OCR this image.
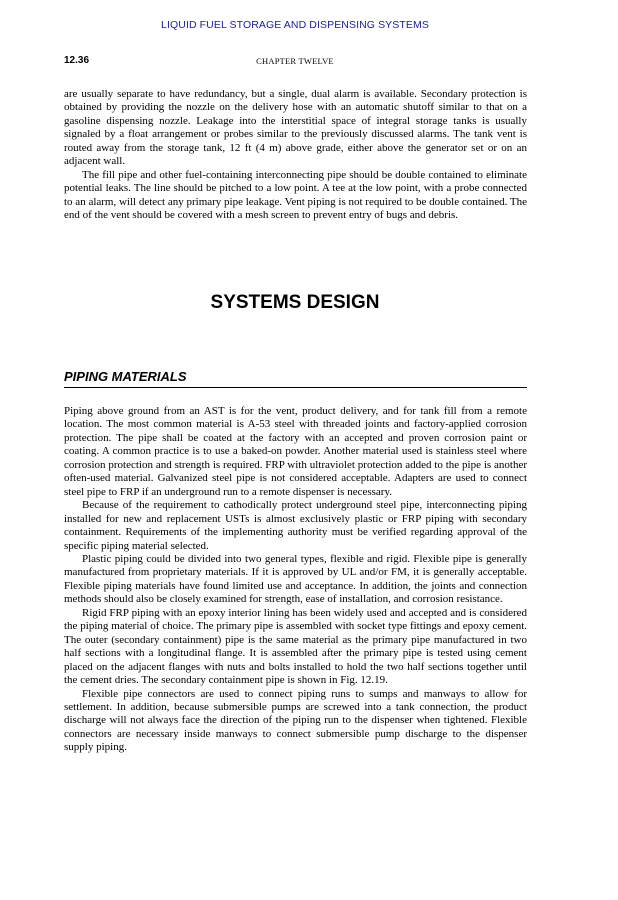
LIQUID FUEL STORAGE AND DISPENSING SYSTEMS
12.36	CHAPTER TWELVE

are usually separate to have redundancy, but a single, dual alarm is available. Secondary protection is obtained by providing the nozzle on the delivery hose with an automatic shutoff similar to that on a gasoline dispensing nozzle. Leakage into the interstitial space of integral storage tanks is usually signaled by a float arrangement or probes similar to the previously discussed alarms. The tank vent is routed away from the storage tank, 12 ft (4 m) above grade, either above the generator set or on an adjacent wall.

The fill pipe and other fuel-containing interconnecting pipe should be double contained to eliminate potential leaks. The line should be pitched to a low point. A tee at the low point, with a probe connected to an alarm, will detect any primary pipe leakage. Vent piping is not required to be double contained. The end of the vent should be covered with a mesh screen to prevent entry of bugs and debris.

SYSTEMS DESIGN
PIPING MATERIALS

Piping above ground from an AST is for the vent, product delivery, and for tank fill from a remote location. The most common material is A-53 steel with threaded joints and factory-applied corrosion protection. The pipe shall be coated at the factory with an accepted and proven corrosion paint or coating. A common practice is to use a baked-on powder. Another material used is stainless steel where corrosion protection and strength is required. FRP with ultraviolet protection added to the pipe is another often-used material. Galvanized steel pipe is not considered acceptable. Adapters are used to connect steel pipe to FRP if an underground run to a remote dispenser is necessary.

Because of the requirement to cathodically protect underground steel pipe, interconnecting piping installed for new and replacement USTs is almost exclusively plastic or FRP piping with secondary containment. Requirements of the implementing authority must be verified regarding approval of the specific piping material selected.

Plastic piping could be divided into two general types, flexible and rigid. Flexible pipe is generally manufactured from proprietary materials. If it is approved by UL and/or FM, it is generally acceptable. Flexible piping materials have found limited use and acceptance. In addition, the joints and connection methods should also be closely examined for strength, ease of installation, and corrosion resistance.

Rigid FRP piping with an epoxy interior lining has been widely used and accepted and is considered the piping material of choice. The primary pipe is assembled with socket type fittings and epoxy cement. The outer (secondary containment) pipe is the same material as the primary pipe manufactured in two half sections with a longitudinal flange. It is assembled after the primary pipe is tested using cement placed on the adjacent flanges with nuts and bolts installed to hold the two half sections together until the cement dries. The secondary containment pipe is shown in Fig. 12.19.

Flexible pipe connectors are used to connect piping runs to sumps and manways to allow for settlement. In addition, because submersible pumps are screwed into a tank connection, the product discharge will not always face the direction of the piping run to the dispenser when tightened. Flexible connectors are necessary inside manways to connect submersible pump discharge to the dispenser supply piping.
